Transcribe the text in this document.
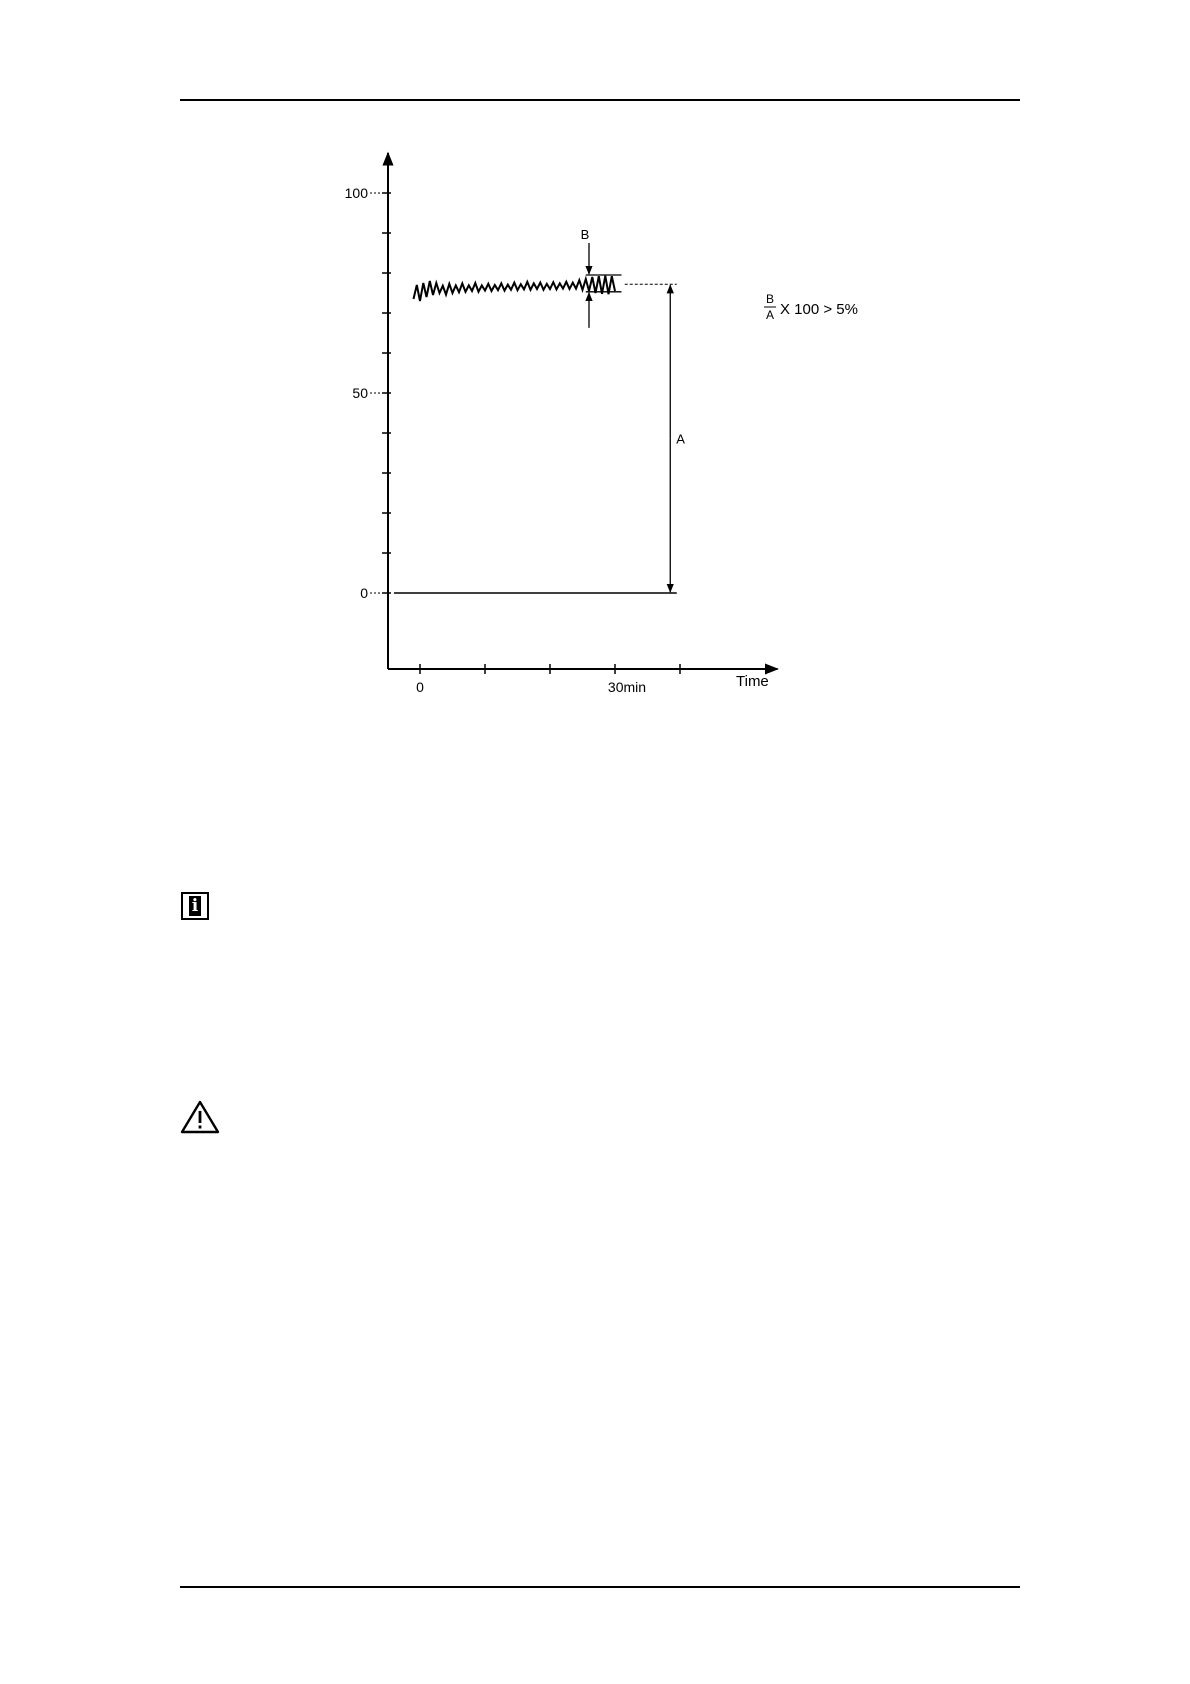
100
50
0
0	30min
B
A
B
A X 100 > 5%
Time
i
